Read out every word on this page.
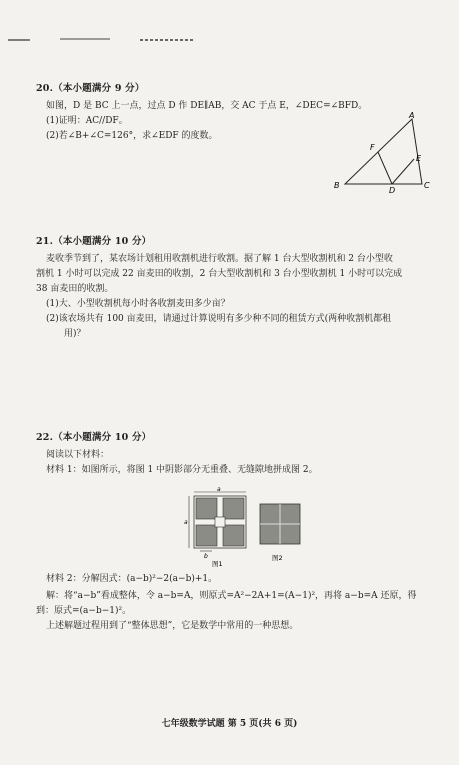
20.（本小题满分 9 分）
如图，D 是 BC 上一点，过点 D 作 DE∥AB，交 AC 于点 E，∠DEC=∠BFD。
(1)证明：AC//DF。
(2)若∠B+∠C=126°，求∠EDF 的度数。
A
B	C
D
E
F
21.（本小题满分 10 分）
麦收季节到了，某农场计划租用收割机进行收割。据了解 1 台大型收割机和 2 台小型收
割机 1 小时可以完成 22 亩麦田的收割，2 台大型收割机和 3 台小型收割机 1 小时可以完成
38 亩麦田的收割。
(1)大、小型收割机每小时各收割麦田多少亩？
(2)该农场共有 100 亩麦田，请通过计算说明有多少种不同的租赁方式(两种收割机都租
用)？
22.（本小题满分 10 分）
阅读以下材料：
材料 1：如图所示，将图 1 中阴影部分无重叠、无缝隙地拼成图 2。
a
a
b
图1
图2
材料 2：分解因式：(a−b)²−2(a−b)+1。
解：将“a−b”看成整体，令 a−b=A，则原式=A²−2A+1=(A−1)²，再将 a−b=A 还原，得
到：原式=(a−b−1)²。
上述解题过程用到了“整体思想”，它是数学中常用的一种思想。
七年级数学试题 第 5 页(共 6 页)
